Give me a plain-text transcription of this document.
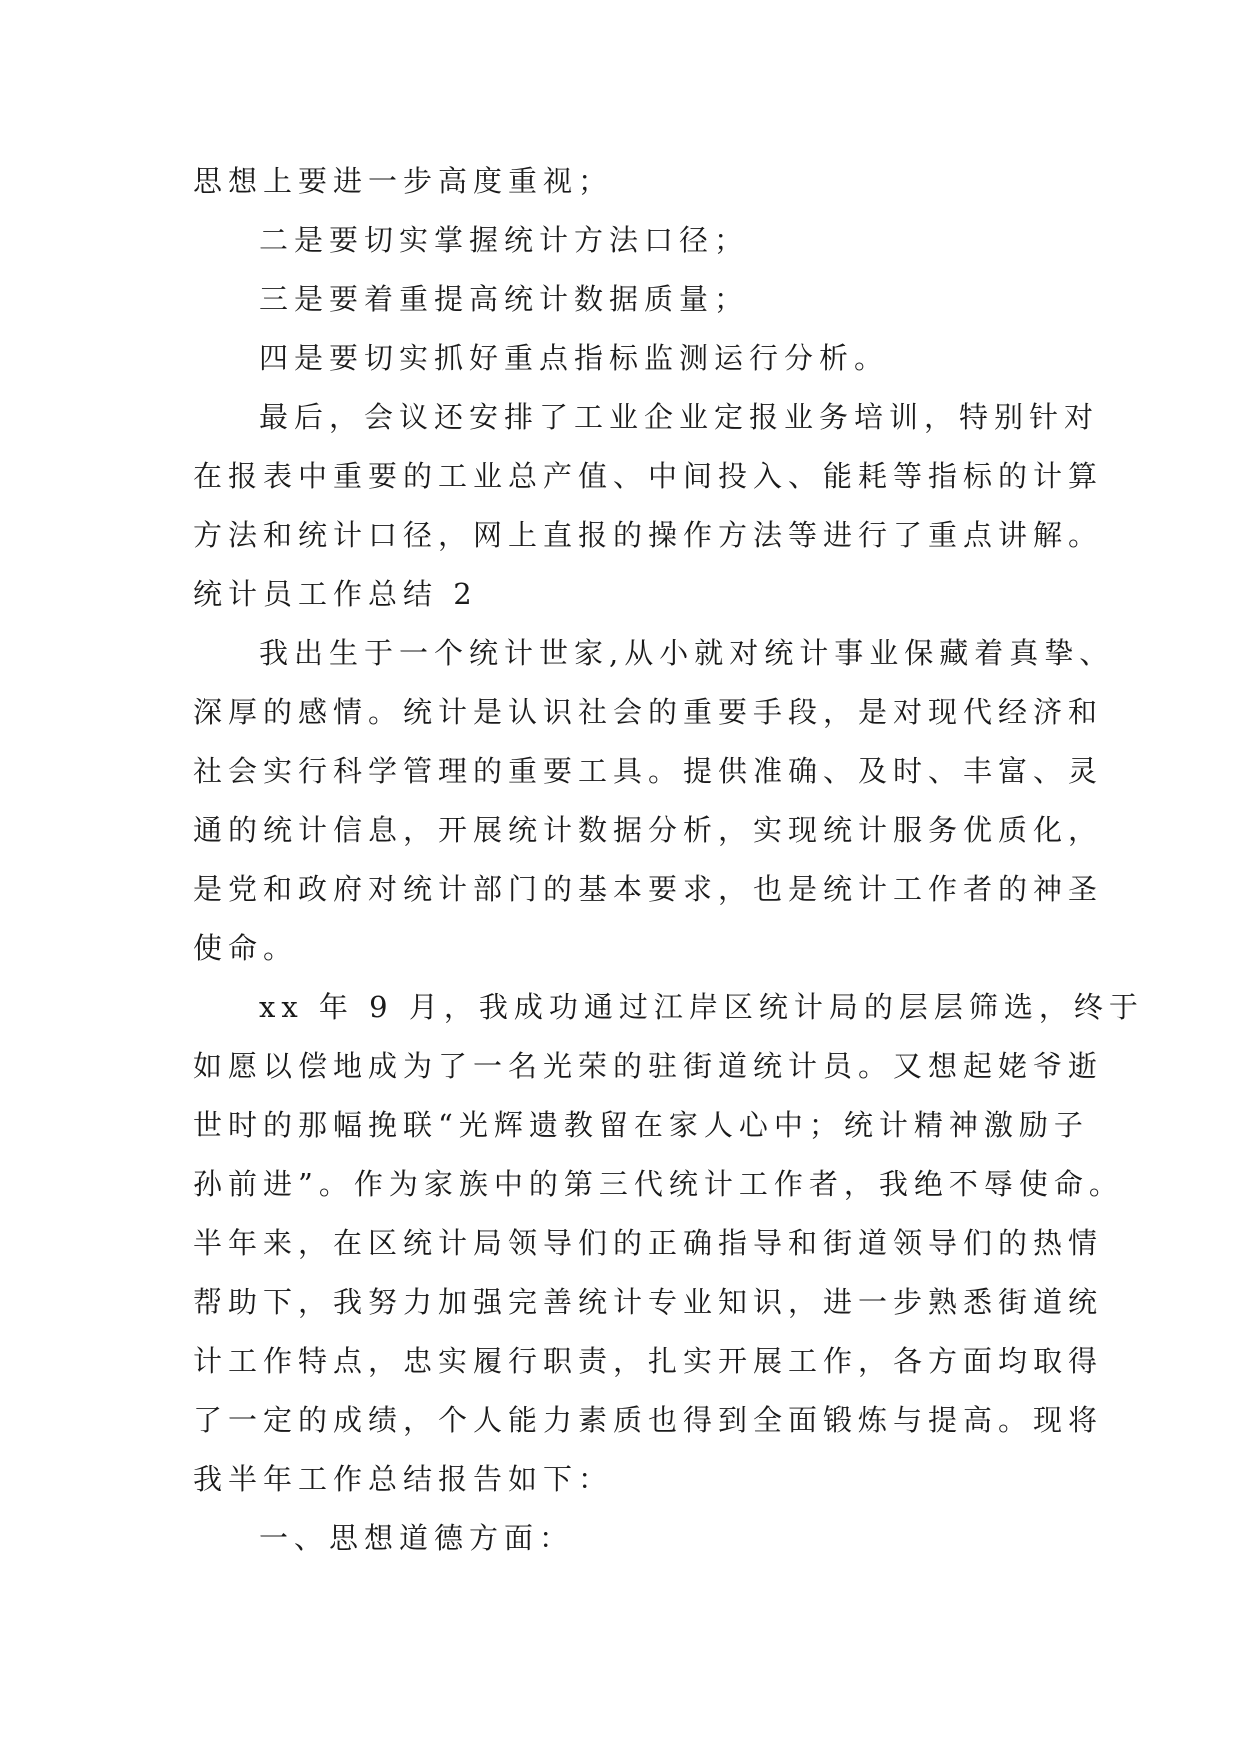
思想上要进一步高度重视；
二是要切实掌握统计方法口径；
三是要着重提高统计数据质量；
四是要切实抓好重点指标监测运行分析。
最后，会议还安排了工业企业定报业务培训，特别针对
在报表中重要的工业总产值、中间投入、能耗等指标的计算
方法和统计口径，网上直报的操作方法等进行了重点讲解。
统计员工作总结 2
我出生于一个统计世家,从小就对统计事业保藏着真挚、
深厚的感情。统计是认识社会的重要手段，是对现代经济和
社会实行科学管理的重要工具。提供准确、及时、丰富、灵
通的统计信息，开展统计数据分析，实现统计服务优质化，
是党和政府对统计部门的基本要求，也是统计工作者的神圣
使命。
xx 年 9 月，我成功通过江岸区统计局的层层筛选，终于
如愿以偿地成为了一名光荣的驻街道统计员。又想起姥爷逝
世时的那幅挽联“光辉遗教留在家人心中；统计精神激励子
孙前进”。作为家族中的第三代统计工作者，我绝不辱使命。
半年来，在区统计局领导们的正确指导和街道领导们的热情
帮助下，我努力加强完善统计专业知识，进一步熟悉街道统
计工作特点，忠实履行职责，扎实开展工作，各方面均取得
了一定的成绩，个人能力素质也得到全面锻炼与提高。现将
我半年工作总结报告如下：
一、思想道德方面：
